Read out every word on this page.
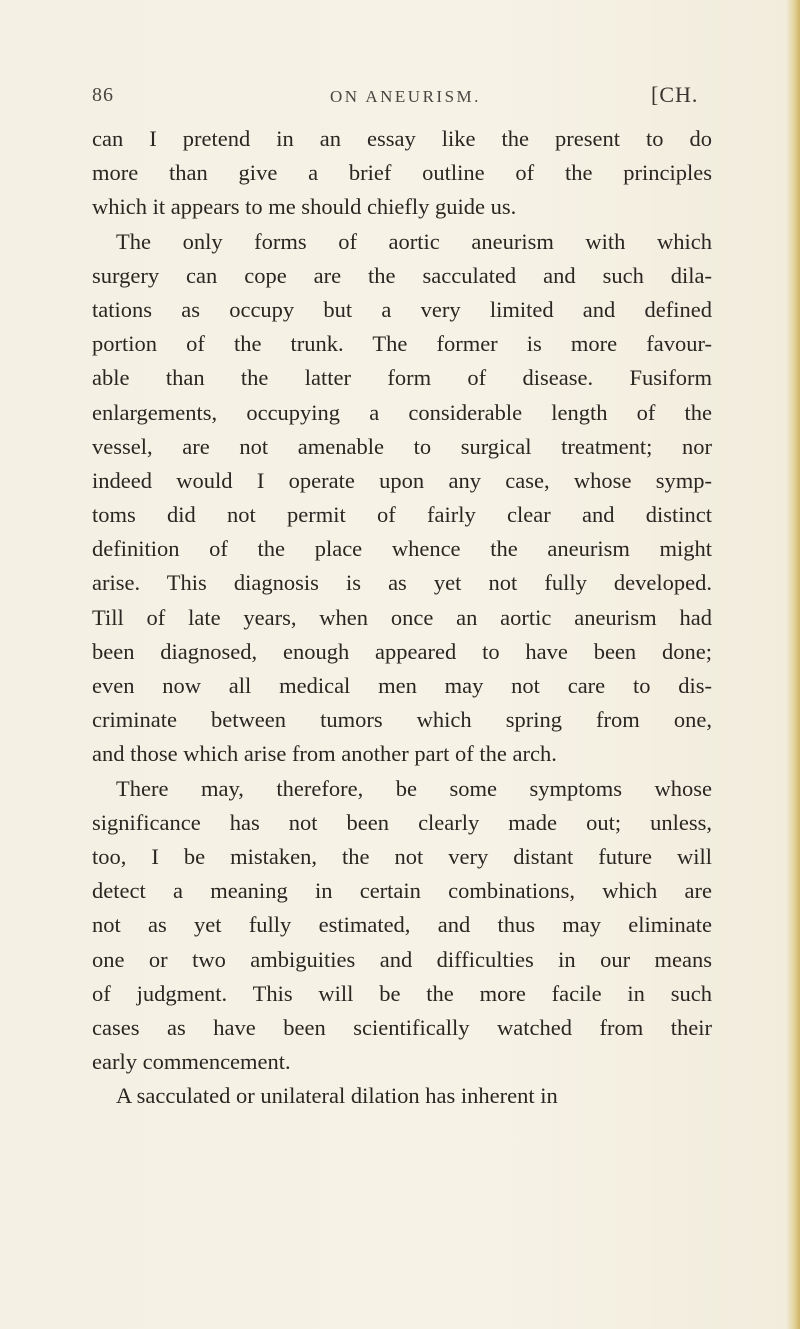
86	ON ANEURISM.	[CH.
can I pretend in an essay like the present to do
more than give a brief outline of the principles
which it appears to me should chiefly guide us.
The only forms of aortic aneurism with which
surgery can cope are the sacculated and such dila-
tations as occupy but a very limited and defined
portion of the trunk. The former is more favour-
able than the latter form of disease. Fusiform
enlargements, occupying a considerable length of the
vessel, are not amenable to surgical treatment; nor
indeed would I operate upon any case, whose symp-
toms did not permit of fairly clear and distinct
definition of the place whence the aneurism might
arise. This diagnosis is as yet not fully developed.
Till of late years, when once an aortic aneurism had
been diagnosed, enough appeared to have been done;
even now all medical men may not care to dis-
criminate between tumors which spring from one,
and those which arise from another part of the arch.
There may, therefore, be some symptoms whose
significance has not been clearly made out; unless,
too, I be mistaken, the not very distant future will
detect a meaning in certain combinations, which are
not as yet fully estimated, and thus may eliminate
one or two ambiguities and difficulties in our means
of judgment. This will be the more facile in such
cases as have been scientifically watched from their
early commencement.
A sacculated or unilateral dilation has inherent in
